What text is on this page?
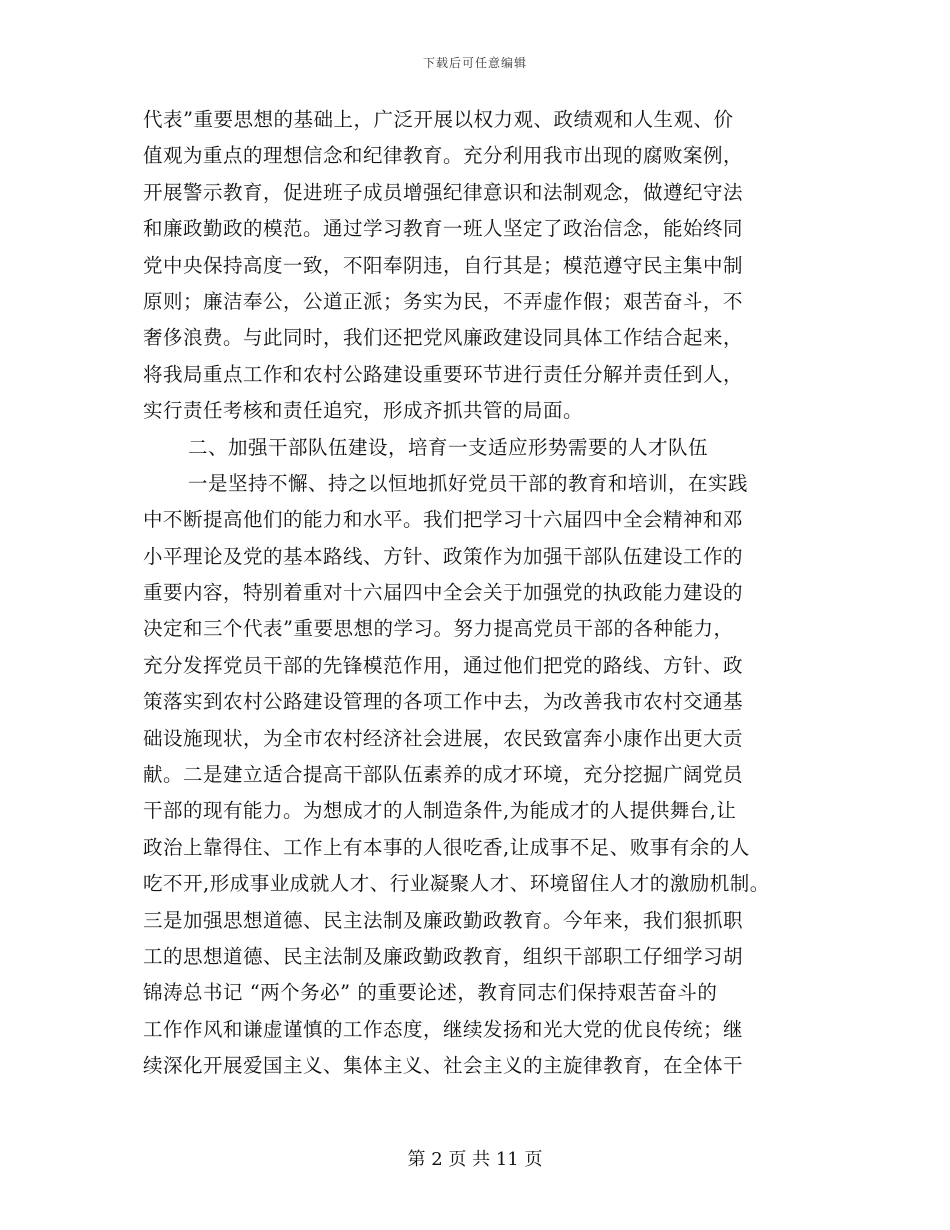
下载后可任意编辑
代表”重要思想的基础上，广泛开展以权力观、政绩观和人生观、价
值观为重点的理想信念和纪律教育。充分利用我市出现的腐败案例，
开展警示教育，促进班子成员增强纪律意识和法制观念，做遵纪守法
和廉政勤政的模范。通过学习教育一班人坚定了政治信念，能始终同
党中央保持高度一致，不阳奉阴违，自行其是；模范遵守民主集中制
原则；廉洁奉公，公道正派；务实为民，不弄虚作假；艰苦奋斗，不
奢侈浪费。与此同时，我们还把党风廉政建设同具体工作结合起来，
将我局重点工作和农村公路建设重要环节进行责任分解并责任到人，
实行责任考核和责任追究，形成齐抓共管的局面。
二、加强干部队伍建设，培育一支适应形势需要的人才队伍
一是坚持不懈、持之以恒地抓好党员干部的教育和培训，在实践
中不断提高他们的能力和水平。我们把学习十六届四中全会精神和邓
小平理论及党的基本路线、方针、政策作为加强干部队伍建设工作的
重要内容，特别着重对十六届四中全会关于加强党的执政能力建设的
决定和三个代表”重要思想的学习。努力提高党员干部的各种能力，
充分发挥党员干部的先锋模范作用，通过他们把党的路线、方针、政
策落实到农村公路建设管理的各项工作中去，为改善我市农村交通基
础设施现状，为全市农村经济社会进展，农民致富奔小康作出更大贡
献。二是建立适合提高干部队伍素养的成才环境，充分挖掘广阔党员
干部的现有能力。为想成才的人制造条件,为能成才的人提供舞台,让
政治上靠得住、工作上有本事的人很吃香,让成事不足、败事有余的人
吃不开,形成事业成就人才、行业凝聚人才、环境留住人才的激励机制。
三是加强思想道德、民主法制及廉政勤政教育。今年来，我们狠抓职
工的思想道德、民主法制及廉政勤政教育，组织干部职工仔细学习胡
锦涛总书记 “两个务必” 的重要论述，教育同志们保持艰苦奋斗的
工作作风和谦虚谨慎的工作态度，继续发扬和光大党的优良传统；继
续深化开展爱国主义、集体主义、社会主义的主旋律教育，在全体干
第 2 页 共 11 页
